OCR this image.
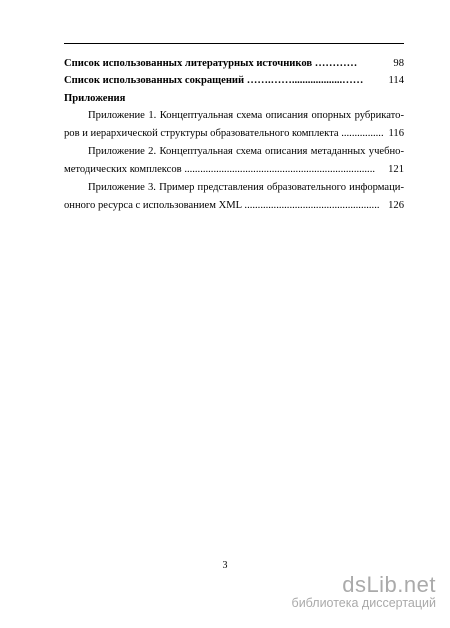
Список использованных литературных источников …………	98
Список использованных сокращений …….……...................…… 114
Приложения
Приложение 1. Концептуальная схема описания опорных рубрикато-
ров и иерархической структуры образовательного комплекта ................ 116
Приложение 2. Концептуальная схема описания метаданных учебно-
методических комплексов ........................................................................ 121
Приложение 3. Пример представления образовательного информаци-
онного ресурса с использованием XML ................................................... 126
3
dsLib.net
библиотека диссертаций
